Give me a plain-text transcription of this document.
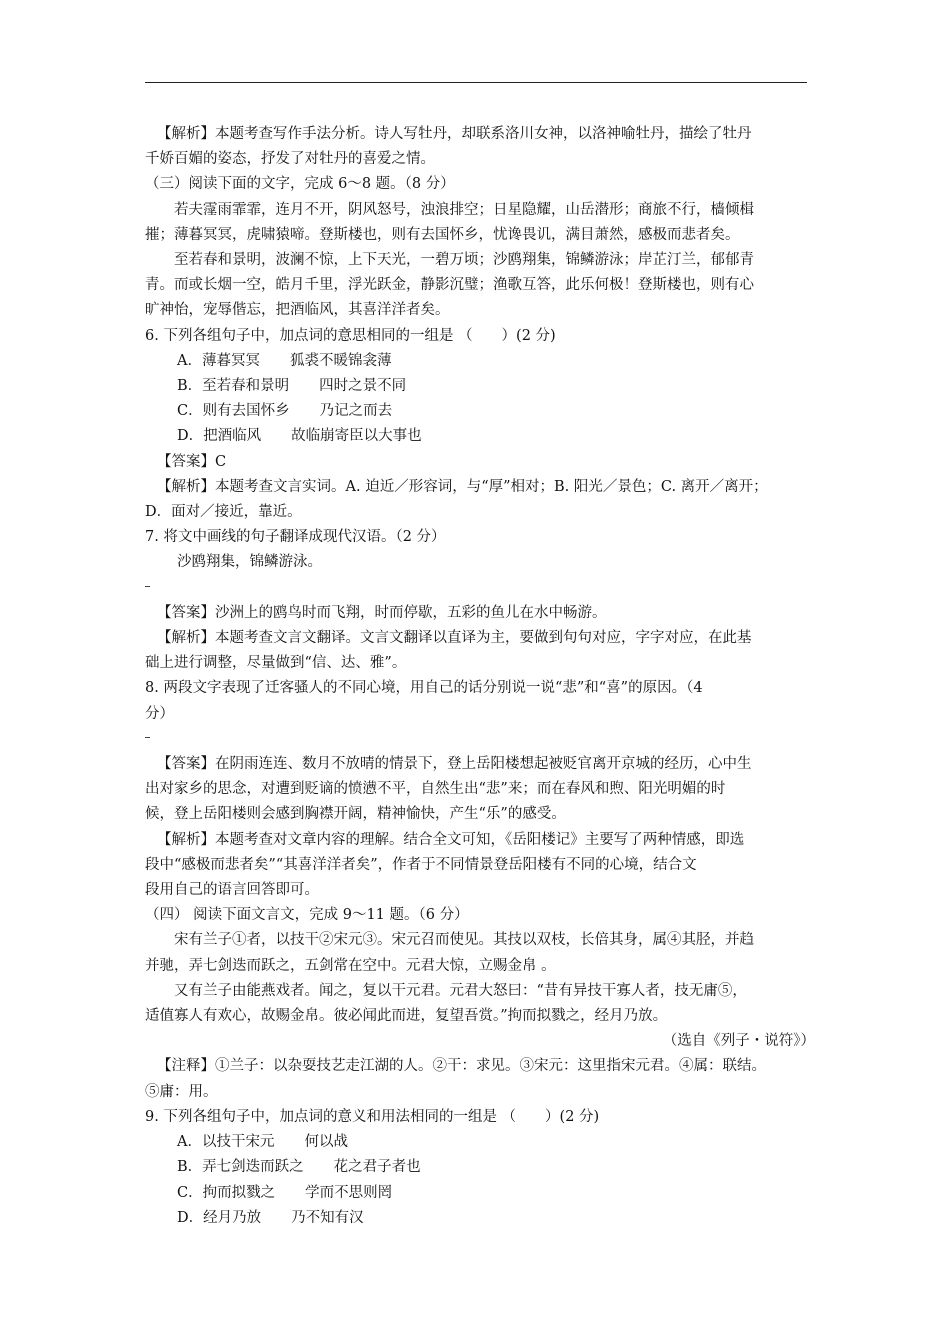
【解析】本题考查写作手法分析。诗人写牡丹，却联系洛川女神，以洛神喻牡丹，描绘了牡丹

千娇百媚的姿态，抒发了对牡丹的喜爱之情。

（三）阅读下面的文字，完成 6～8 题。（8 分）

若夫霪雨霏霏，连月不开，阴风怒号，浊浪排空；日星隐耀，山岳潜形；商旅不行，樯倾楫

摧；薄暮冥冥，虎啸猿啼。登斯楼也，则有去国怀乡，忧谗畏讥，满目萧然，感极而悲者矣。

至若春和景明，波澜不惊，上下天光，一碧万顷；沙鸥翔集，锦鳞游泳；岸芷汀兰，郁郁青

青。而或长烟一空，皓月千里，浮光跃金，静影沉璧；渔歌互答，此乐何极！登斯楼也，则有心

旷神怡，宠辱偕忘，把酒临风，其喜洋洋者矣。

6. 下列各组句子中，加点词的意思相同的一组是 （　　）(2 分)

A．薄暮冥冥 狐裘不暖锦衾薄

B．至若春和景明 四时之景不同

C．则有去国怀乡 乃记之而去

D．把酒临风 故临崩寄臣以大事也

【答案】C

【解析】本题考查文言实词。A. 迫近／形容词，与“厚”相对；B. 阳光／景色；C. 离开／离开；

D．面对／接近，靠近。

7. 将文中画线的句子翻译成现代汉语。（2 分）

沙鸥翔集，锦鳞游泳。

【答案】沙洲上的鸥鸟时而飞翔，时而停歇，五彩的鱼儿在水中畅游。

【解析】本题考查文言文翻译。文言文翻译以直译为主，要做到句句对应，字字对应，在此基

础上进行调整，尽量做到“信、达、雅”。

8. 两段文字表现了迁客骚人的不同心境，用自己的话分别说一说“悲”和“喜”的原因。（4

分）

【答案】在阴雨连连、数月不放晴的情景下，登上岳阳楼想起被贬官离开京城的经历，心中生

出对家乡的思念，对遭到贬谪的愤懑不平，自然生出“悲”来；而在春风和煦、阳光明媚的时

候，登上岳阳楼则会感到胸襟开阔，精神愉快，产生“乐”的感受。

【解析】本题考查对文章内容的理解。结合全文可知，《岳阳楼记》主要写了两种情感，即选

段中“感极而悲者矣”“其喜洋洋者矣”，作者于不同情景登岳阳楼有不同的心境，结合文

段用自己的语言回答即可。

（四） 阅读下面文言文，完成 9～11 题。（6 分）

宋有兰子①者，以技干②宋元③。宋元召而使见。其技以双枝，长倍其身，属④其胫，并趋

并驰，弄七剑迭而跃之，五剑常在空中。元君大惊，立赐金帛 。

又有兰子由能燕戏者。闻之，复以干元君。元君大怒曰：“昔有异技干寡人者，技无庸⑤，

适值寡人有欢心，故赐金帛。彼必闻此而进，复望吾赏。”拘而拟戮之，经月乃放。

（选自《列子・说符》）

【注释】①兰子：以杂耍技艺走江湖的人。②干：求见。③宋元：这里指宋元君。④属：联结。

⑤庸：用。

9. 下列各组句子中，加点词的意义和用法相同的一组是 （　　）(2 分)

A．以技干宋元 何以战

B．弄七剑迭而跃之 花之君子者也

C．拘而拟戮之 学而不思则罔

D．经月乃放 乃不知有汉
